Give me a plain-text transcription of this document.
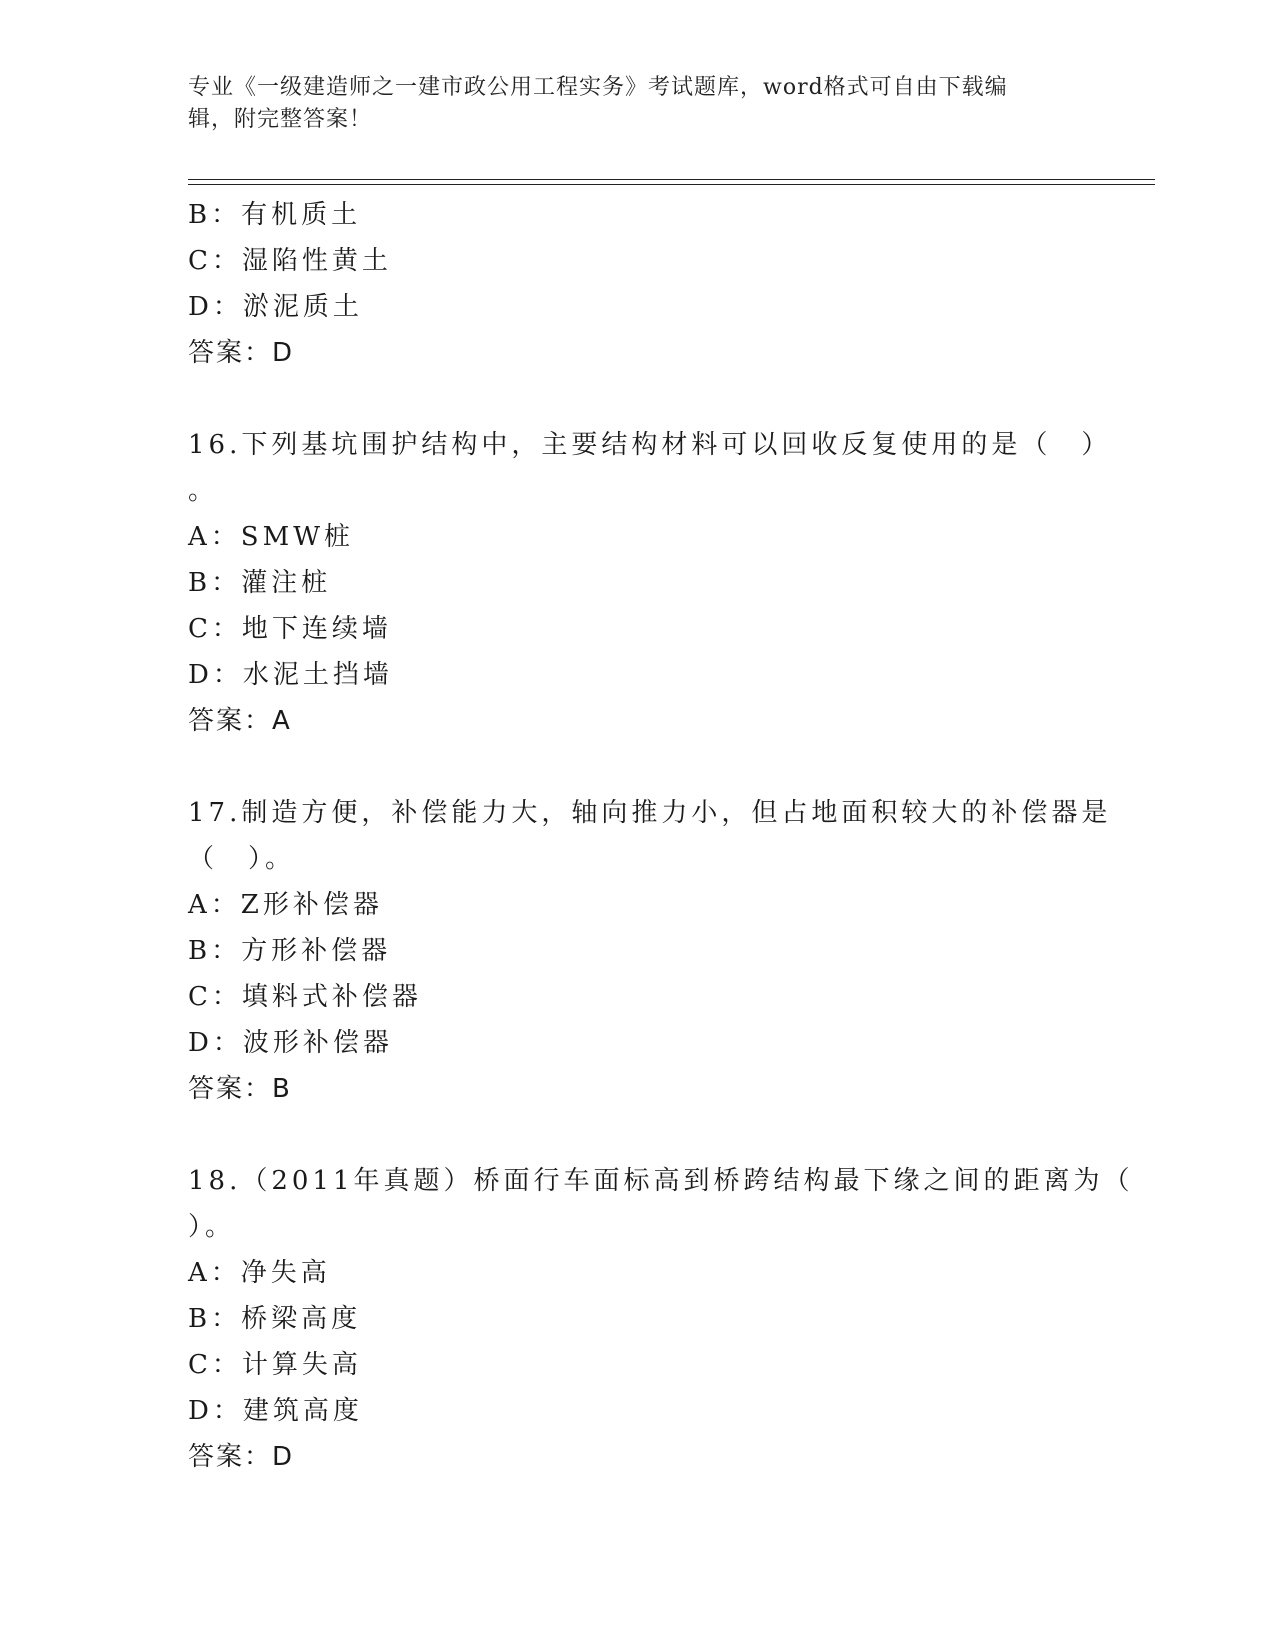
专业《一级建造师之一建市政公用工程实务》考试题库，word格式可自由下载编
辑，附完整答案！
B：有机质土
C：湿陷性黄土
D：淤泥质土
答案：D
16.下列基坑围护结构中，主要结构材料可以回收反复使用的是（　）
。
A：SMW桩
B：灌注桩
C：地下连续墙
D：水泥土挡墙
答案：A
17.制造方便，补偿能力大，轴向推力小，但占地面积较大的补偿器是
（　）。
A：Z形补偿器
B：方形补偿器
C：填料式补偿器
D：波形补偿器
答案：B
18.（2011年真题）桥面行车面标高到桥跨结构最下缘之间的距离为（
）。
A：净失高
B：桥梁高度
C：计算失高
D：建筑高度
答案：D
